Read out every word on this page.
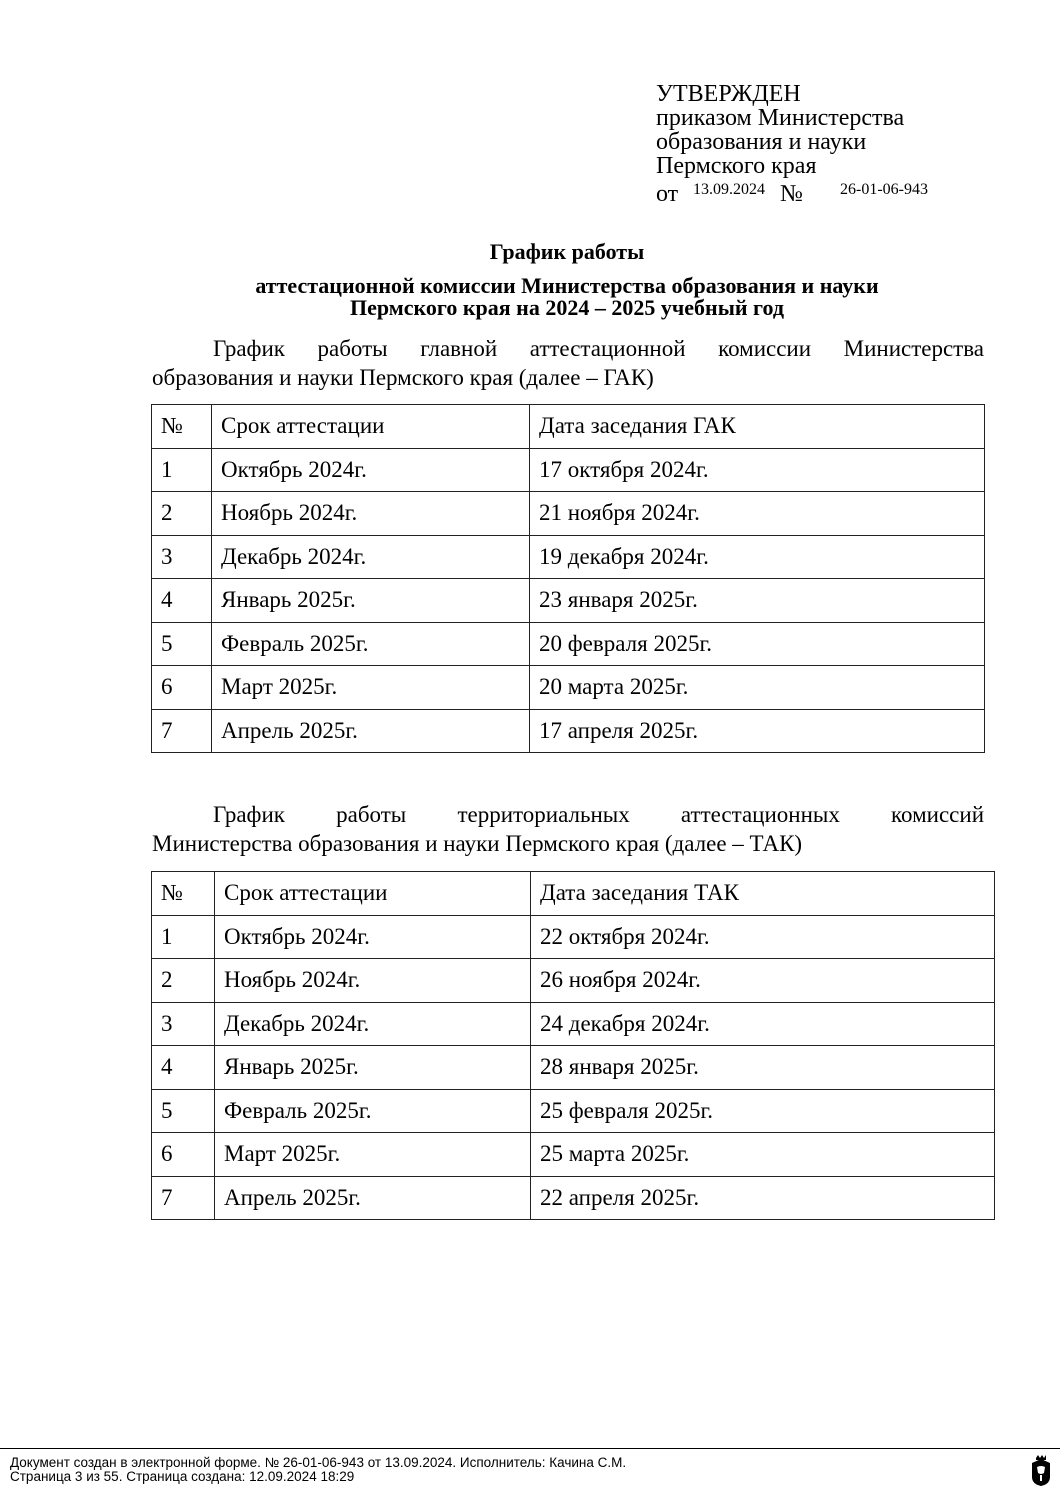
УТВЕРЖДЕН
приказом Министерства
образования и науки
Пермского края
от 13.09.2024 № 26-01-06-943
График работы
аттестационной комиссии Министерства образования и науки
Пермского края на 2024 – 2025 учебный год
График работы главной аттестационной комиссии Министерства
образования и науки Пермского края (далее – ГАК)
№	Срок аттестации	Дата заседания ГАК
1	Октябрь 2024г.	17 октября 2024г.
2	Ноябрь 2024г.	21 ноября 2024г.
3	Декабрь 2024г.	19 декабря 2024г.
4	Январь 2025г.	23 января 2025г.
5	Февраль 2025г.	20 февраля 2025г.
6	Март 2025г.	20 марта 2025г.
7	Апрель 2025г.	17 апреля 2025г.
График работы территориальных аттестационных комиссий
Министерства образования и науки Пермского края (далее – ТАК)
№	Срок аттестации	Дата заседания ТАК
1	Октябрь 2024г.	22 октября 2024г.
2	Ноябрь 2024г.	26 ноября 2024г.
3	Декабрь 2024г.	24 декабря 2024г.
4	Январь 2025г.	28 января 2025г.
5	Февраль 2025г.	25 февраля 2025г.
6	Март 2025г.	25 марта 2025г.
7	Апрель 2025г.	22 апреля 2025г.
Документ создан в электронной форме. № 26-01-06-943 от 13.09.2024. Исполнитель: Качина С.М.
Страница 3 из 55. Страница создана: 12.09.2024 18:29
